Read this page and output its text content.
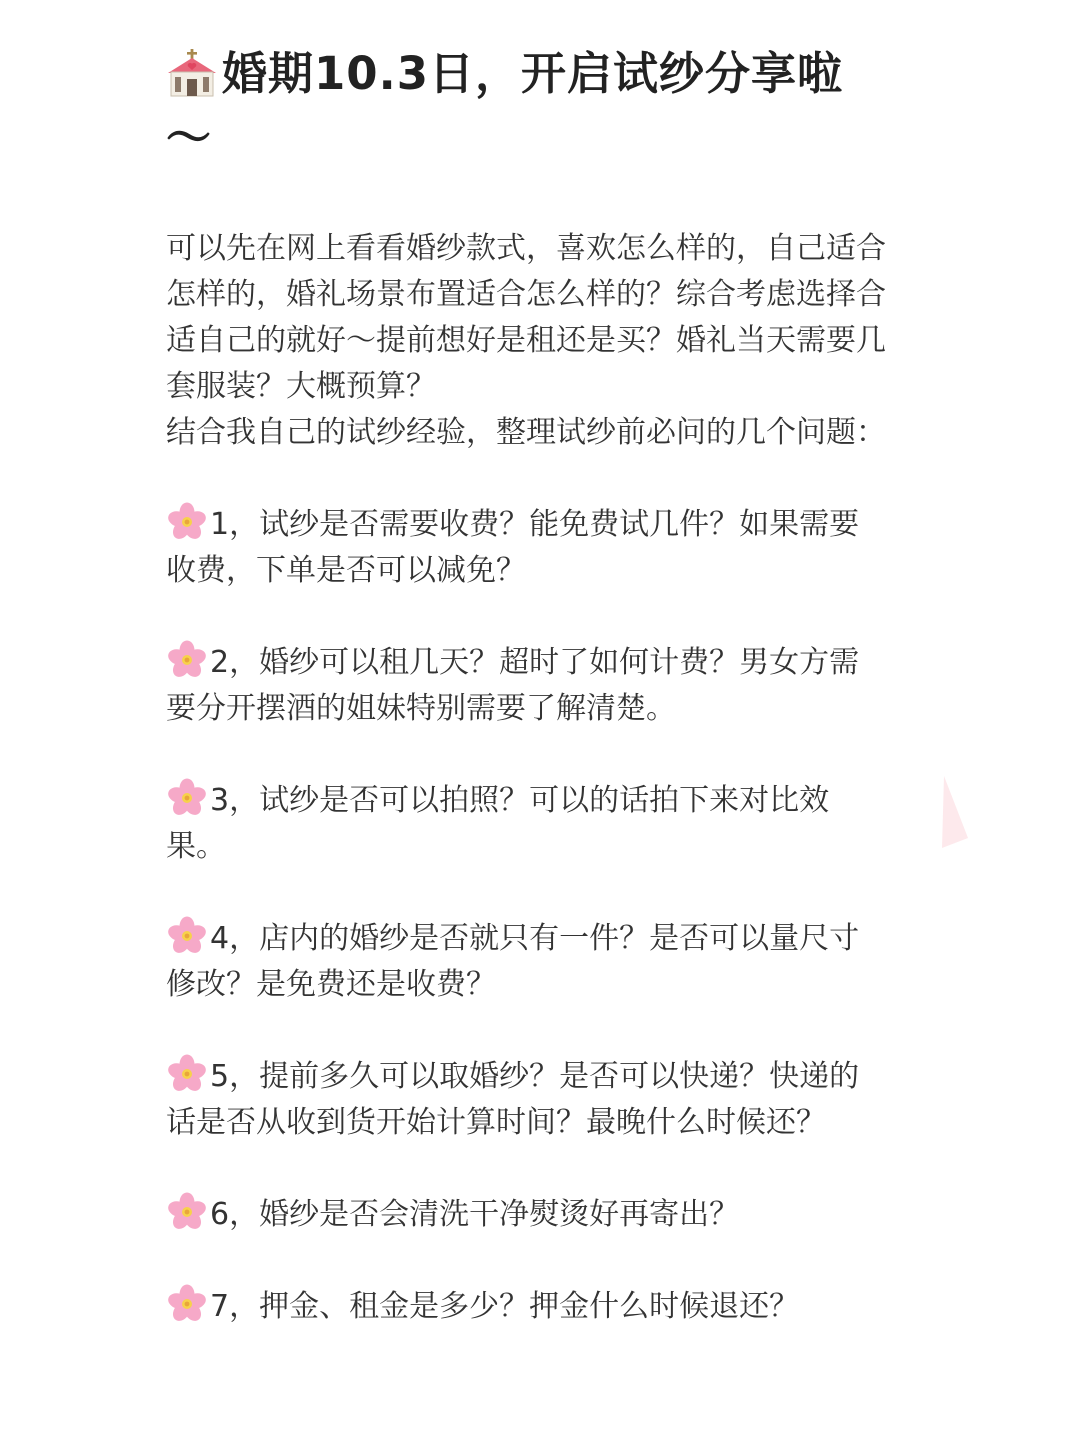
婚期10.3日，开启试纱分享啦～

可以先在网上看看婚纱款式，喜欢怎么样的，自己适合怎样的，婚礼场景布置适合怎么样的？综合考虑选择合适自己的就好～提前想好是租还是买？婚礼当天需要几套服装？大概预算？

结合我自己的试纱经验，整理试纱前必问的几个问题：

1，试纱是否需要收费？能免费试几件？如果需要收费，下单是否可以减免？

2，婚纱可以租几天？超时了如何计费？男女方需要分开摆酒的姐妹特别需要了解清楚。

3，试纱是否可以拍照？可以的话拍下来对比效果。

4，店内的婚纱是否就只有一件？是否可以量尺寸修改？是免费还是收费？

5，提前多久可以取婚纱？是否可以快递？快递的话是否从收到货开始计算时间？最晚什么时候还？

6，婚纱是否会清洗干净熨烫好再寄出？

7，押金、租金是多少？押金什么时候退还？
